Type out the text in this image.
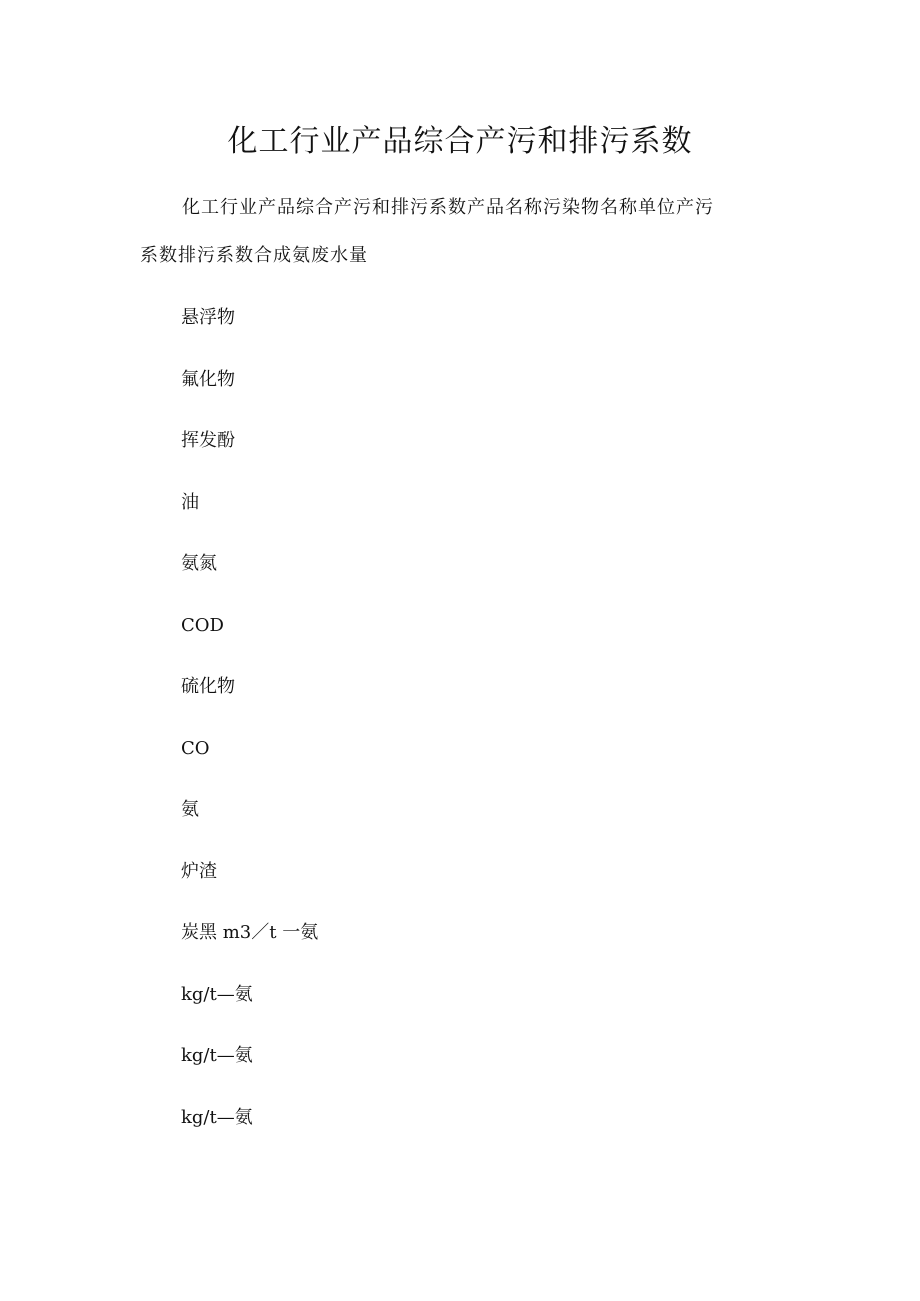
化工行业产品综合产污和排污系数

化工行业产品综合产污和排污系数产品名称污染物名称单位产污
系数排污系数合成氨废水量

悬浮物
氟化物
挥发酚
油
氨氮
COD
硫化物
CO
氨
炉渣
炭黑 m3／t 一氨
kg/t—氨
kg/t—氨
kg/t—氨
